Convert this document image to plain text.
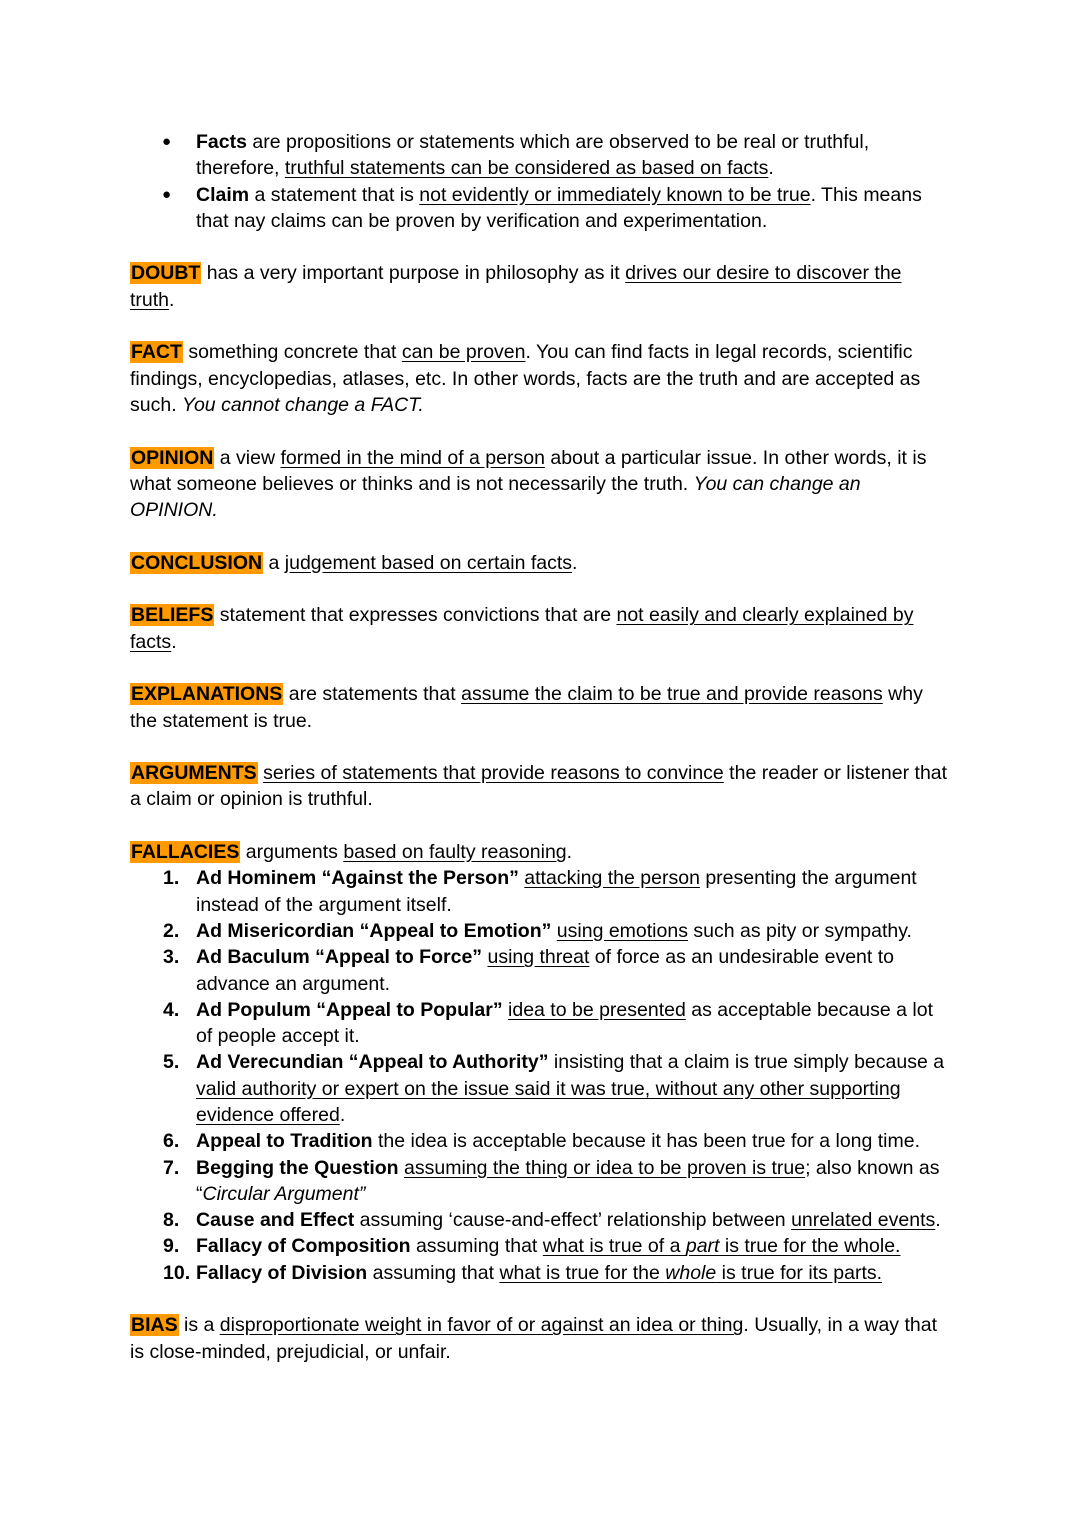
● Facts are propositions or statements which are observed to be real or truthful, therefore, truthful statements can be considered as based on facts.
● Claim a statement that is not evidently or immediately known to be true. This means that nay claims can be proven by verification and experimentation.

DOUBT has a very important purpose in philosophy as it drives our desire to discover the truth.

FACT something concrete that can be proven. You can find facts in legal records, scientific findings, encyclopedias, atlases, etc. In other words, facts are the truth and are accepted as such. You cannot change a FACT.

OPINION a view formed in the mind of a person about a particular issue. In other words, it is what someone believes or thinks and is not necessarily the truth. You can change an OPINION.

CONCLUSION a judgement based on certain facts.

BELIEFS statement that expresses convictions that are not easily and clearly explained by facts.

EXPLANATIONS are statements that assume the claim to be true and provide reasons why the statement is true.

ARGUMENTS series of statements that provide reasons to convince the reader or listener that a claim or opinion is truthful.

FALLACIES arguments based on faulty reasoning.

1. Ad Hominem “Against the Person” attacking the person presenting the argument instead of the argument itself.
2. Ad Misericordian “Appeal to Emotion” using emotions such as pity or sympathy.
3. Ad Baculum “Appeal to Force” using threat of force as an undesirable event to advance an argument.
4. Ad Populum “Appeal to Popular” idea to be presented as acceptable because a lot of people accept it.
5. Ad Verecundian “Appeal to Authority” insisting that a claim is true simply because a valid authority or expert on the issue said it was true, without any other supporting evidence offered.
6. Appeal to Tradition the idea is acceptable because it has been true for a long time.
7. Begging the Question assuming the thing or idea to be proven is true; also known as “Circular Argument”
8. Cause and Effect assuming ‘cause-and-effect’ relationship between unrelated events.
9. Fallacy of Composition assuming that what is true of a part is true for the whole.
10. Fallacy of Division assuming that what is true for the whole is true for its parts.

BIAS is a disproportionate weight in favor of or against an idea or thing. Usually, in a way that is close-minded, prejudicial, or unfair.
